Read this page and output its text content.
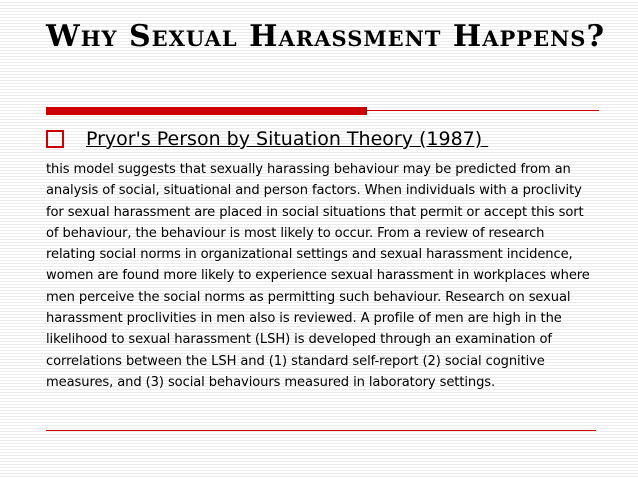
Why Sexual Harassment Happens?
Pryor's Person by Situation Theory (1987)

this model suggests that sexually harassing behaviour may be predicted from an analysis of social, situational and person factors. When individuals with a proclivity for sexual harassment are placed in social situations that permit or accept this sort of behaviour, the behaviour is most likely to occur. From a review of research relating social norms in organizational settings and sexual harassment incidence, women are found more likely to experience sexual harassment in workplaces where men perceive the social norms as permitting such behaviour. Research on sexual harassment proclivities in men also is reviewed. A profile of men are high in the likelihood to sexual harassment (LSH) is developed through an examination of correlations between the LSH and (1) standard self-report (2) social cognitive measures, and (3) social behaviours measured in laboratory settings.
